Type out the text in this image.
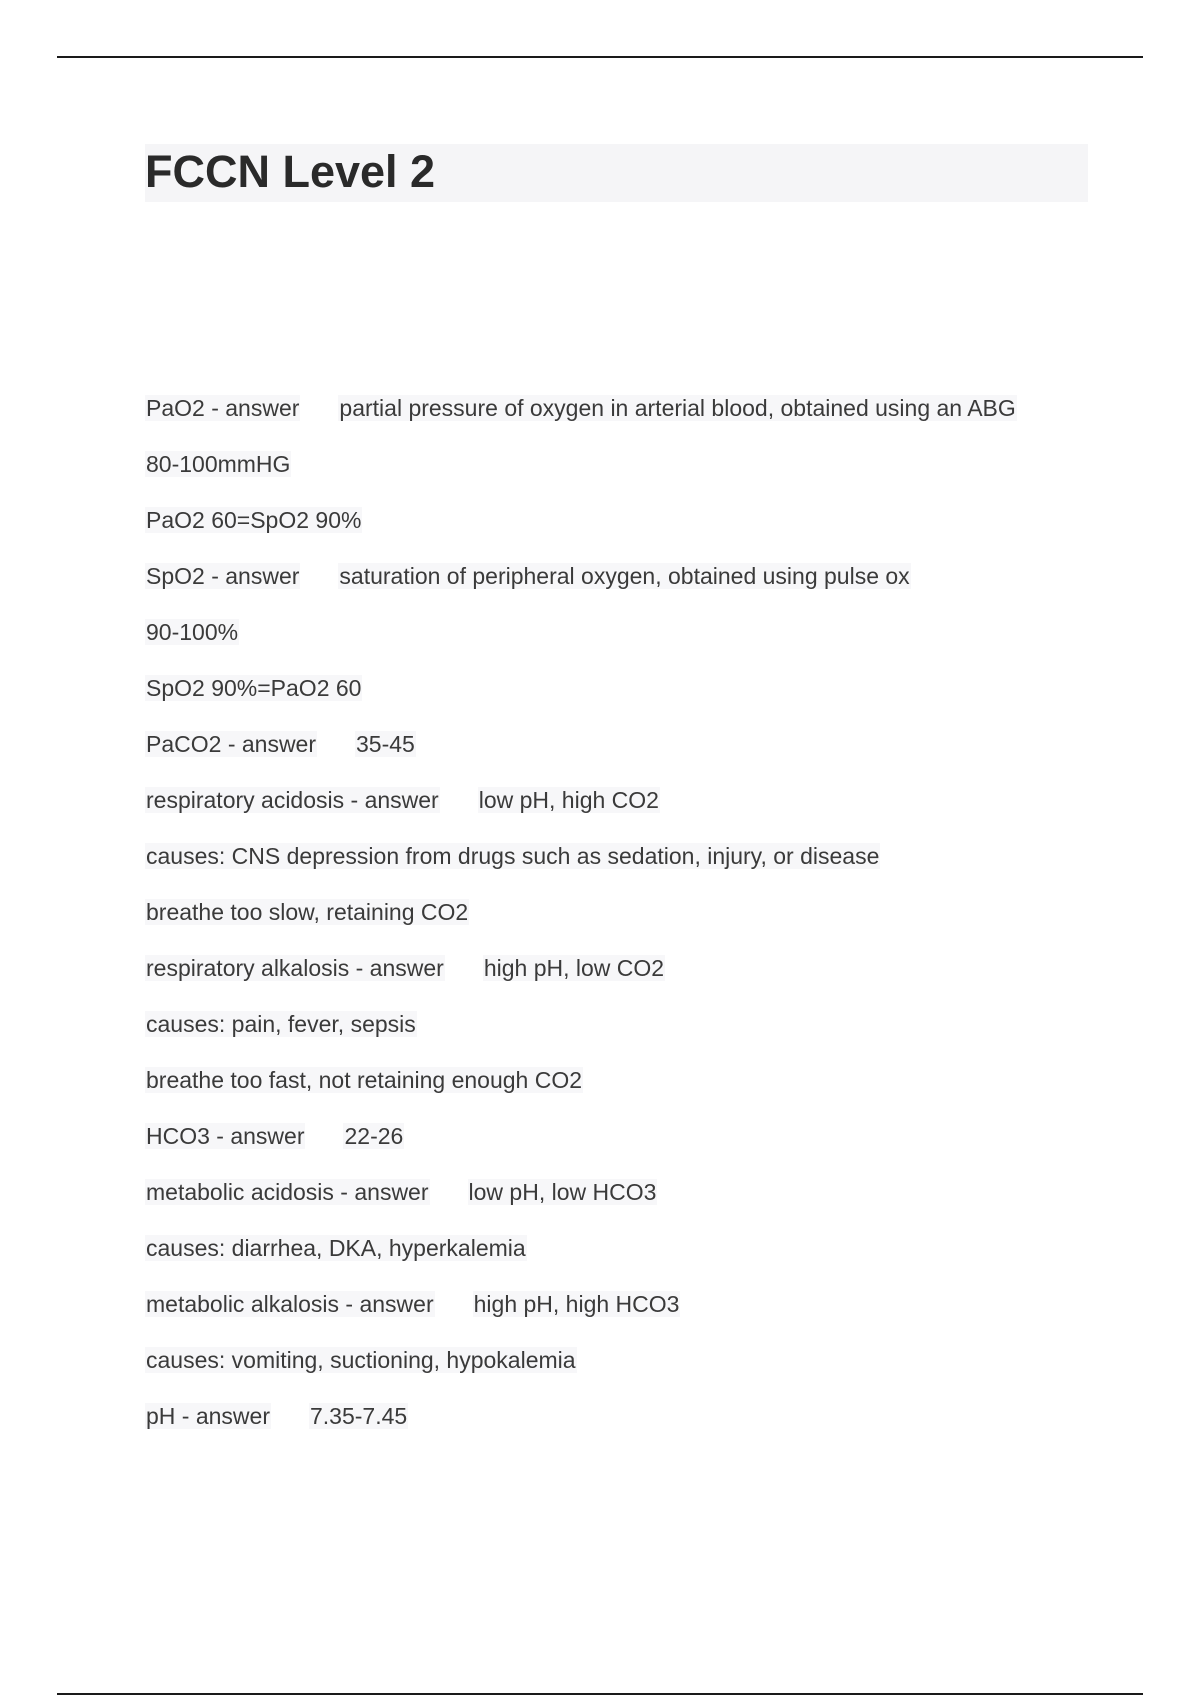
FCCN Level 2
PaO2 - answer partial pressure of oxygen in arterial blood, obtained using an ABG
80-100mmHG
PaO2 60=SpO2 90%
SpO2 - answer saturation of peripheral oxygen, obtained using pulse ox
90-100%
SpO2 90%=PaO2 60
PaCO2 - answer 35-45
respiratory acidosis - answer low pH, high CO2
causes: CNS depression from drugs such as sedation, injury, or disease
breathe too slow, retaining CO2
respiratory alkalosis - answer high pH, low CO2
causes: pain, fever, sepsis
breathe too fast, not retaining enough CO2
HCO3 - answer 22-26
metabolic acidosis - answer low pH, low HCO3
causes: diarrhea, DKA, hyperkalemia
metabolic alkalosis - answer high pH, high HCO3
causes: vomiting, suctioning, hypokalemia
pH - answer 7.35-7.45
